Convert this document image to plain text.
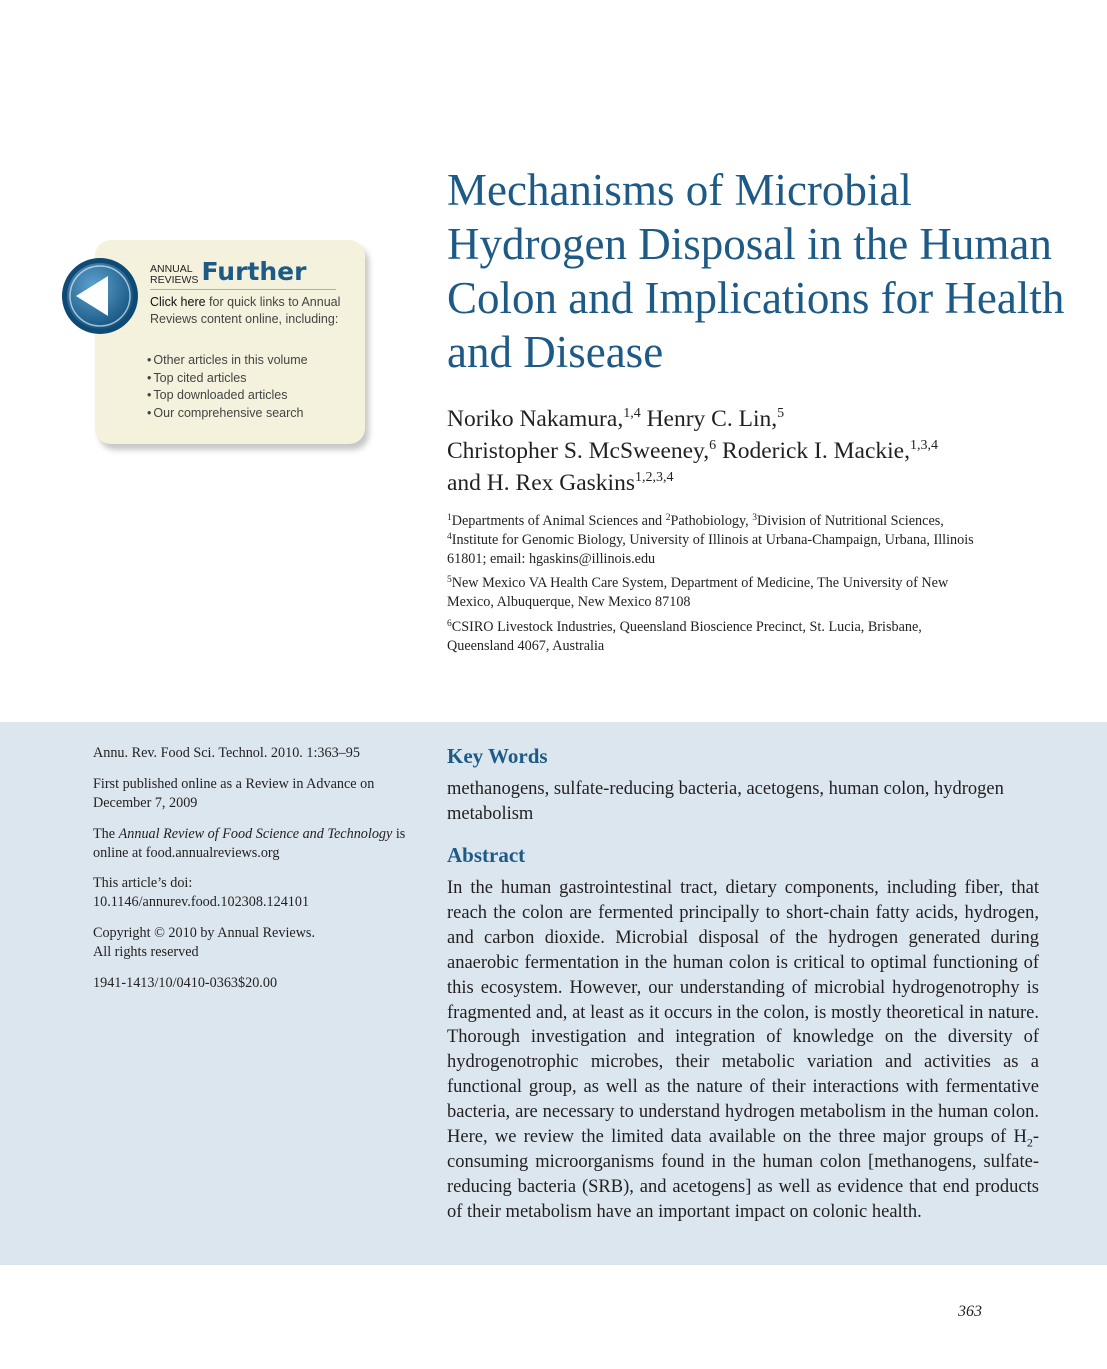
ANNUAL
REVIEWS Further
Click here for quick links to Annual Reviews content online, including:
• Other articles in this volume
• Top cited articles
• Top downloaded articles
• Our comprehensive search
Mechanisms of Microbial Hydrogen Disposal in the Human Colon and Implications for Health and Disease
Noriko Nakamura,$^{1,4}$ Henry C. Lin,$^5$
Christopher S. McSweeney,$^6$ Roderick I. Mackie,$^{1,3,4}$
and H. Rex Gaskins$^{1,2,3,4}$
$^1$Departments of Animal Sciences and $^2$Pathobiology, $^3$Division of Nutritional Sciences,
$^4$Institute for Genomic Biology, University of Illinois at Urbana-Champaign, Urbana, Illinois 61801; email: hgaskins@illinois.edu
$^5$New Mexico VA Health Care System, Department of Medicine, The University of New Mexico, Albuquerque, New Mexico 87108
$^6$CSIRO Livestock Industries, Queensland Bioscience Precinct, St. Lucia, Brisbane, Queensland 4067, Australia
Annu. Rev. Food Sci. Technol. 2010. 1:363–95
First published online as a Review in Advance on December 7, 2009
The Annual Review of Food Science and Technology is online at food.annualreviews.org
This article’s doi:
10.1146/annurev.food.102308.124101
Copyright © 2010 by Annual Reviews.
All rights reserved
1941-1413/10/0410-0363$20.00
Key Words
methanogens, sulfate-reducing bacteria, acetogens, human colon, hydrogen metabolism
Abstract
In the human gastrointestinal tract, dietary components, including fiber, that reach the colon are fermented principally to short-chain fatty acids, hydrogen, and carbon dioxide. Microbial disposal of the hydrogen generated during anaerobic fermentation in the human colon is critical to optimal functioning of this ecosystem. However, our understanding of microbial hydrogenotrophy is fragmented and, at least as it occurs in the colon, is mostly theoretical in nature. Thorough investigation and integration of knowledge on the diversity of hydrogenotrophic microbes, their metabolic variation and activities as a functional group, as well as the nature of their interactions with fermentative bacteria, are necessary to understand hydrogen metabolism in the human colon. Here, we review the limited data available on the three major groups of $H_2$-consuming microorganisms found in the human colon [methanogens, sulfate-reducing bacteria (SRB), and acetogens] as well as evidence that end products of their metabolism have an important impact on colonic health.
363
